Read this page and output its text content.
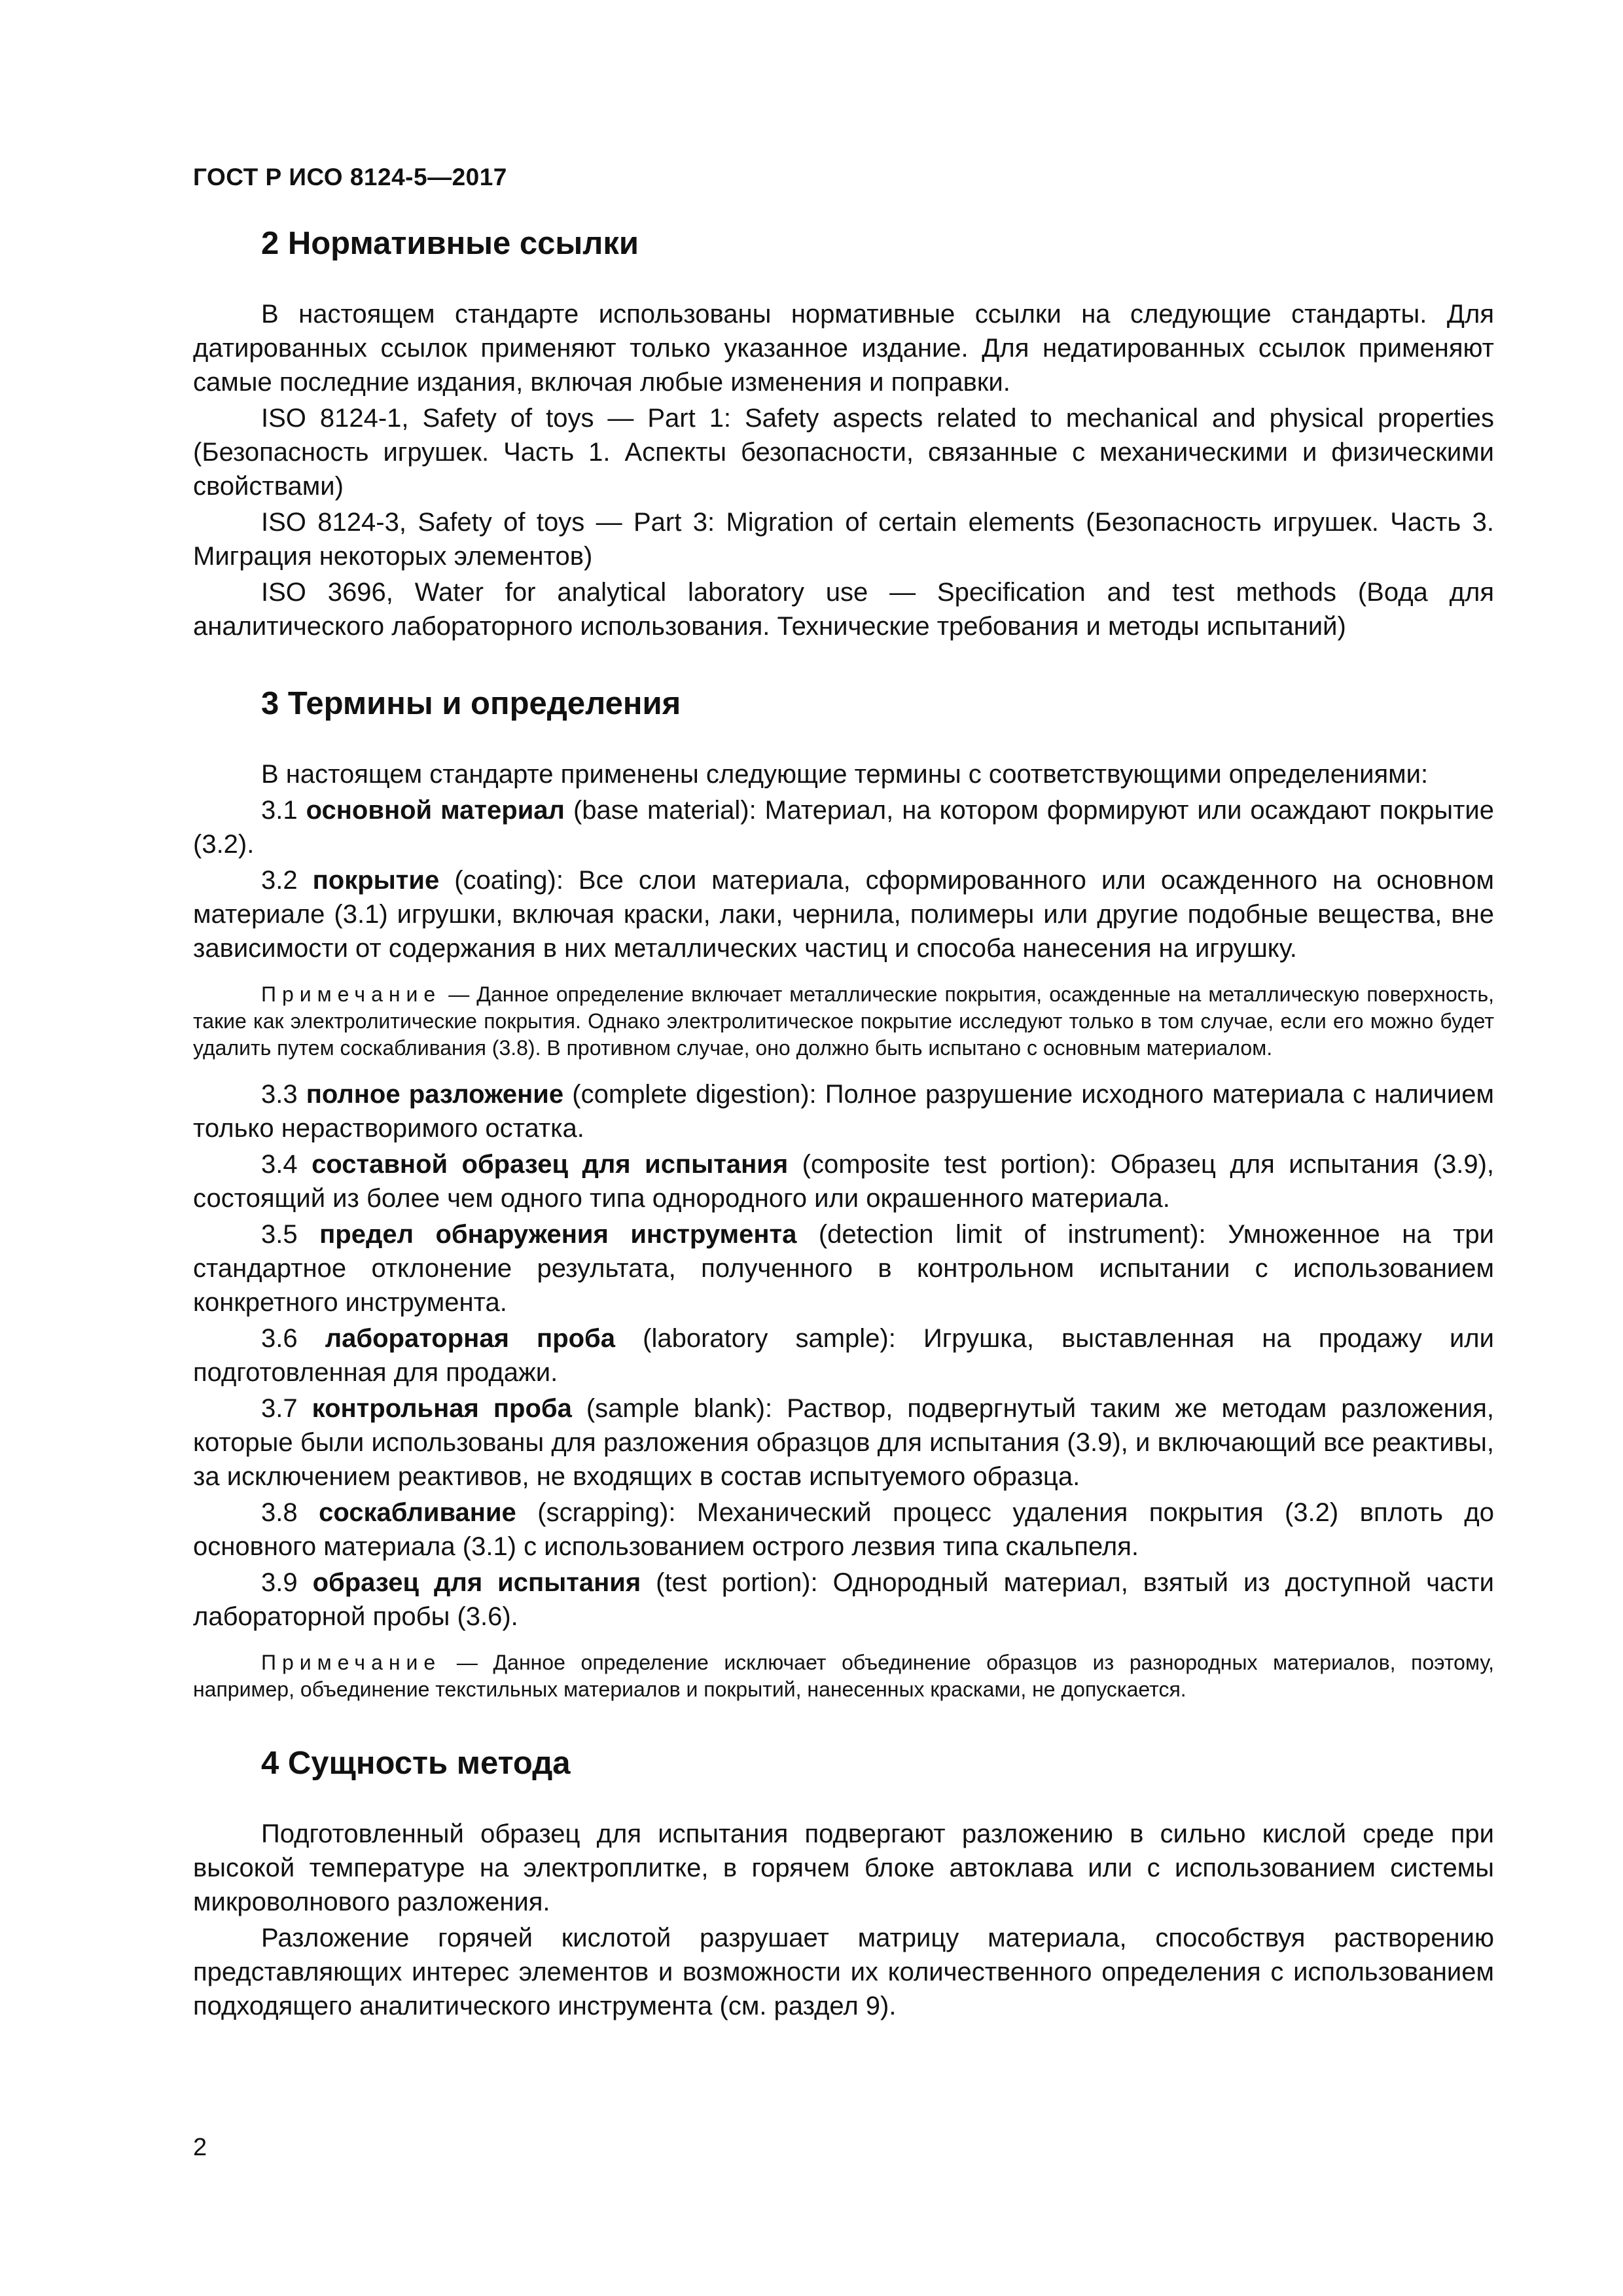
ГОСТ Р ИСО 8124-5—2017
2 Нормативные ссылки

В настоящем стандарте использованы нормативные ссылки на следующие стандарты. Для датированных ссылок применяют только указанное издание. Для недатированных ссылок применяют самые последние издания, включая любые изменения и поправки.

ISO 8124-1, Safety of toys — Part 1: Safety aspects related to mechanical and physical properties (Безопасность игрушек. Часть 1. Аспекты безопасности, связанные с механическими и физическими свойствами)

ISO 8124-3, Safety of toys — Part 3: Migration of certain elements (Безопасность игрушек. Часть 3. Миграция некоторых элементов)

ISO 3696, Water for analytical laboratory use — Specification and test methods (Вода для аналитического лабораторного использования. Технические требования и методы испытаний)

3 Термины и определения

В настоящем стандарте применены следующие термины с соответствующими определениями:

3.1 основной материал (base material): Материал, на котором формируют или осаждают покрытие (3.2).

3.2 покрытие (coating): Все слои материала, сформированного или осажденного на основном материале (3.1) игрушки, включая краски, лаки, чернила, полимеры или другие подобные вещества, вне зависимости от содержания в них металлических частиц и способа нанесения на игрушку.

Примечание — Данное определение включает металлические покрытия, осажденные на металлическую поверхность, такие как электролитические покрытия. Однако электролитическое покрытие исследуют только в том случае, если его можно будет удалить путем соскабливания (3.8). В противном случае, оно должно быть испытано с основным материалом.

3.3 полное разложение (complete digestion): Полное разрушение исходного материала с наличием только нерастворимого остатка.

3.4 составной образец для испытания (composite test portion): Образец для испытания (3.9), состоящий из более чем одного типа однородного или окрашенного материала.

3.5 предел обнаружения инструмента (detection limit of instrument): Умноженное на три стандартное отклонение результата, полученного в контрольном испытании с использованием конкретного инструмента.

3.6 лабораторная проба (laboratory sample): Игрушка, выставленная на продажу или подготовленная для продажи.

3.7 контрольная проба (sample blank): Раствор, подвергнутый таким же методам разложения, которые были использованы для разложения образцов для испытания (3.9), и включающий все реактивы, за исключением реактивов, не входящих в состав испытуемого образца.

3.8 соскабливание (scrapping): Механический процесс удаления покрытия (3.2) вплоть до основного материала (3.1) с использованием острого лезвия типа скальпеля.

3.9 образец для испытания (test portion): Однородный материал, взятый из доступной части лабораторной пробы (3.6).

Примечание — Данное определение исключает объединение образцов из разнородных материалов, поэтому, например, объединение текстильных материалов и покрытий, нанесенных красками, не допускается.

4 Сущность метода

Подготовленный образец для испытания подвергают разложению в сильно кислой среде при высокой температуре на электроплитке, в горячем блоке автоклава или с использованием системы микроволнового разложения.

Разложение горячей кислотой разрушает матрицу материала, способствуя растворению представляющих интерес элементов и возможности их количественного определения с использованием подходящего аналитического инструмента (см. раздел 9).

2
